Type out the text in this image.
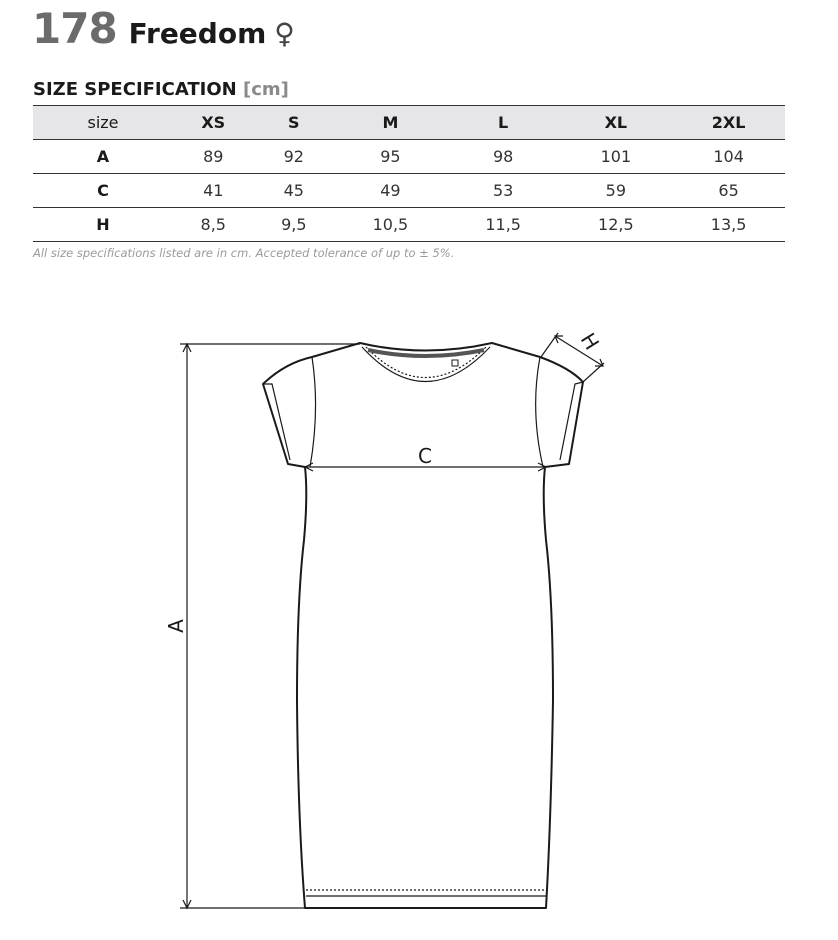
178 Freedom ♀
SIZE SPECIFICATION [cm]
size	XS	S	M	L	XL	2XL
A	89	92	95	98	101	104
C	41	45	49	53	59	65
H	8,5	9,5	10,5	11,5	12,5	13,5
All size specifications listed are in cm. Accepted tolerance of up to ± 5%.
A
C
H
